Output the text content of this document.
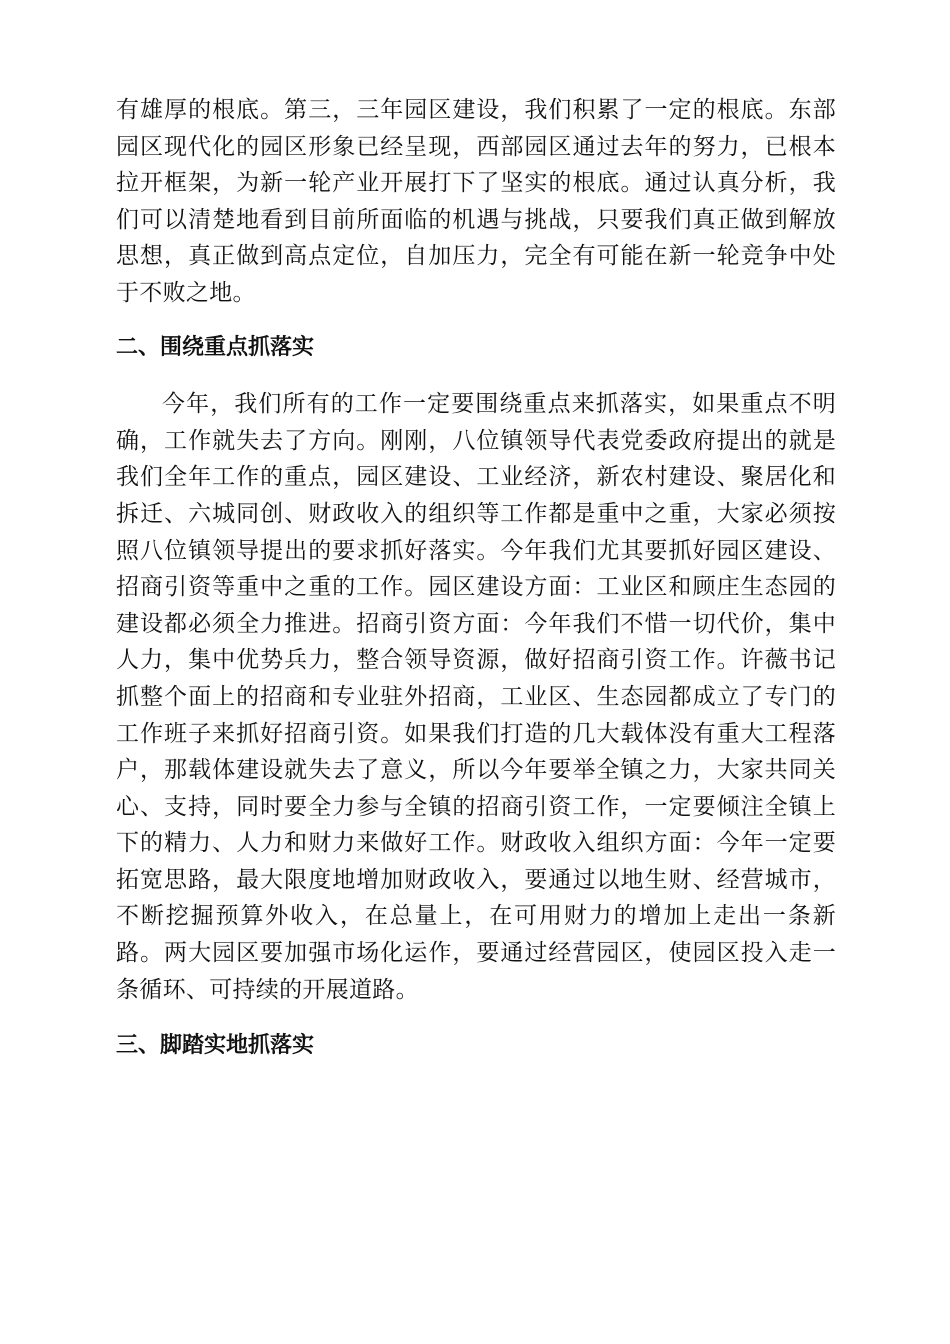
有雄厚的根底。第三，三年园区建设，我们积累了一定的根底。东部园区现代化的园区形象已经呈现，西部园区通过去年的努力，已根本拉开框架，为新一轮产业开展打下了坚实的根底。通过认真分析，我们可以清楚地看到目前所面临的机遇与挑战，只要我们真正做到解放思想，真正做到高点定位，自加压力，完全有可能在新一轮竞争中处于不败之地。

二、围绕重点抓落实

今年，我们所有的工作一定要围绕重点来抓落实，如果重点不明确，工作就失去了方向。刚刚，八位镇领导代表党委政府提出的就是我们全年工作的重点，园区建设、工业经济，新农村建设、聚居化和拆迁、六城同创、财政收入的组织等工作都是重中之重，大家必须按照八位镇领导提出的要求抓好落实。今年我们尤其要抓好园区建设、招商引资等重中之重的工作。园区建设方面：工业区和顾庄生态园的建设都必须全力推进。招商引资方面：今年我们不惜一切代价，集中人力，集中优势兵力，整合领导资源，做好招商引资工作。许薇书记抓整个面上的招商和专业驻外招商，工业区、生态园都成立了专门的工作班子来抓好招商引资。如果我们打造的几大载体没有重大工程落户，那载体建设就失去了意义，所以今年要举全镇之力，大家共同关心、支持，同时要全力参与全镇的招商引资工作，一定要倾注全镇上下的精力、人力和财力来做好工作。财政收入组织方面：今年一定要拓宽思路，最大限度地增加财政收入，要通过以地生财、经营城市，不断挖掘预算外收入，在总量上，在可用财力的增加上走出一条新路。两大园区要加强市场化运作，要通过经营园区，使园区投入走一条循环、可持续的开展道路。

三、脚踏实地抓落实
